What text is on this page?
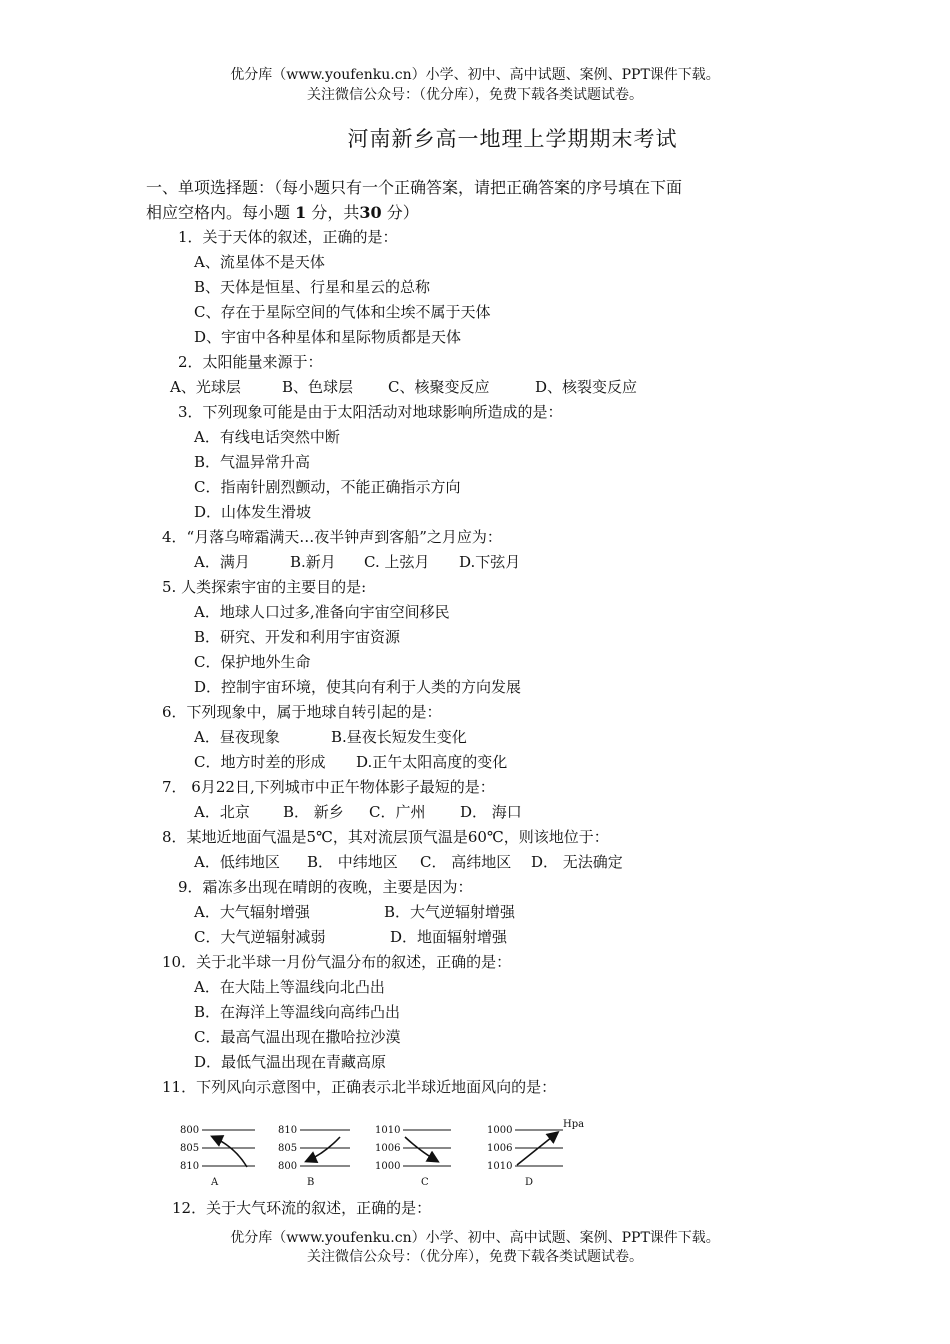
优分库（www.youfenku.cn）小学、初中、高中试题、案例、PPT课件下载。
关注微信公众号：（优分库），免费下载各类试题试卷。
河南新乡高一地理上学期期末考试
一、单项选择题：（每小题只有一个正确答案，请把正确答案的序号填在下面
相应空格内。每小题 1 分，共30 分）
1．关于天体的叙述，正确的是：
A、流星体不是天体
B、天体是恒星、行星和星云的总称
C、存在于星际空间的气体和尘埃不属于天体
D、宇宙中各种星体和星际物质都是天体
2．太阳能量来源于：
A、光球层	B、色球层 C、核聚变反应	D、核裂变反应
3．下列现象可能是由于太阳活动对地球影响所造成的是：
A．有线电话突然中断
B．气温异常升高
C．指南针剧烈颤动，不能正确指示方向
D．山体发生滑坡
4．“月落乌啼霜满天…夜半钟声到客船”之月应为：
A．满月	B.新月 C. 上弦月 D.下弦月
5. 人类探索宇宙的主要目的是:
A．地球人口过多,准备向宇宙空间移民
B．研究、开发和利用宇宙资源
C．保护地外生命
D．控制宇宙环境，使其向有利于人类的方向发展
6．下列现象中，属于地球自转引起的是：
A．昼夜现象	B.昼夜长短发生变化
C．地方时差的形成 D.正午太阳高度的变化
7． 6月22日,下列城市中正午物体影子最短的是：
A．北京 B． 新乡 C．广州 D． 海口
8．某地近地面气温是5℃，其对流层顶气温是60℃，则该地位于：
A．低纬地区 B． 中纬地区 C． 高纬地区 D． 无法确定
9．霜冻多出现在晴朗的夜晚，主要是因为：
A．大气辐射增强	B．大气逆辐射增强
C．大气逆辐射减弱	D．地面辐射增强
10．关于北半球一月份气温分布的叙述，正确的是：
A．在大陆上等温线向北凸出
B．在海洋上等温线向高纬凸出
C．最高气温出现在撒哈拉沙漠
D．最低气温出现在青藏高原
11．下列风向示意图中，正确表示北半球近地面风向的是：
800
805
810
A
810
805
800
B
1010
1006
1000
C
1000
1006
1010
D
Hpa
12．关于大气环流的叙述，正确的是：
优分库（www.youfenku.cn）小学、初中、高中试题、案例、PPT课件下载。
关注微信公众号：（优分库），免费下载各类试题试卷。
